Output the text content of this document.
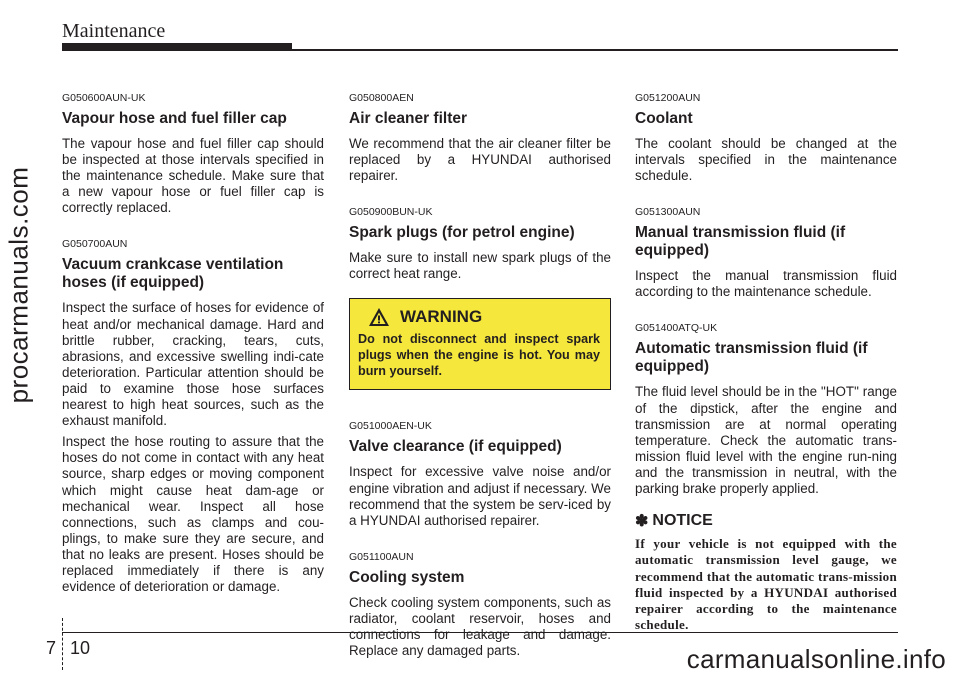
Maintenance
procarmanuals.com
G050600AUN-UK
Vapour hose and fuel filler cap
The vapour hose and fuel filler cap should be inspected at those intervals specified in the maintenance schedule. Make sure that a new vapour hose or fuel filler cap is correctly replaced.
G050700AUN
Vacuum crankcase ventilation hoses (if equipped)
Inspect the surface of hoses for evidence of heat and/or mechanical damage. Hard and brittle rubber, cracking, tears, cuts, abrasions, and excessive swelling indi-cate deterioration. Particular attention should be paid to examine those hose surfaces nearest to high heat sources, such as the exhaust manifold.
Inspect the hose routing to assure that the hoses do not come in contact with any heat source, sharp edges or moving component which might cause heat dam-age or mechanical wear. Inspect all hose connections, such as clamps and cou-plings, to make sure they are secure, and that no leaks are present. Hoses should be replaced immediately if there is any evidence of deterioration or damage.
G050800AEN
Air cleaner filter
We recommend that the air cleaner filter be replaced by a HYUNDAI authorised repairer.
G050900BUN-UK
Spark plugs (for petrol engine)
Make sure to install new spark plugs of the correct heat range.
WARNING
Do not disconnect and inspect spark plugs when the engine is hot. You may burn yourself.
G051000AEN-UK
Valve clearance (if equipped)
Inspect for excessive valve noise and/or engine vibration and adjust if necessary. We recommend that the system be serv-iced by a HYUNDAI authorised repairer.
G051100AUN
Cooling system
Check cooling system components, such as radiator, coolant reservoir, hoses and connections for leakage and damage. Replace any damaged parts.
G051200AUN
Coolant
The coolant should be changed at the intervals specified in the maintenance schedule.
G051300AUN
Manual transmission fluid (if equipped)
Inspect the manual transmission fluid according to the maintenance schedule.
G051400ATQ-UK
Automatic transmission fluid (if equipped)
The fluid level should be in the "HOT" range of the dipstick, after the engine and transmission are at normal operating temperature. Check the automatic trans-mission fluid level with the engine run-ning and the transmission in neutral, with the parking brake properly applied.
✽ NOTICE
If your vehicle is not equipped with the automatic transmission level gauge, we recommend that the automatic trans-mission fluid inspected by a HYUNDAI authorised repairer according to the maintenance schedule.
7 10	carmanualsonline.info
